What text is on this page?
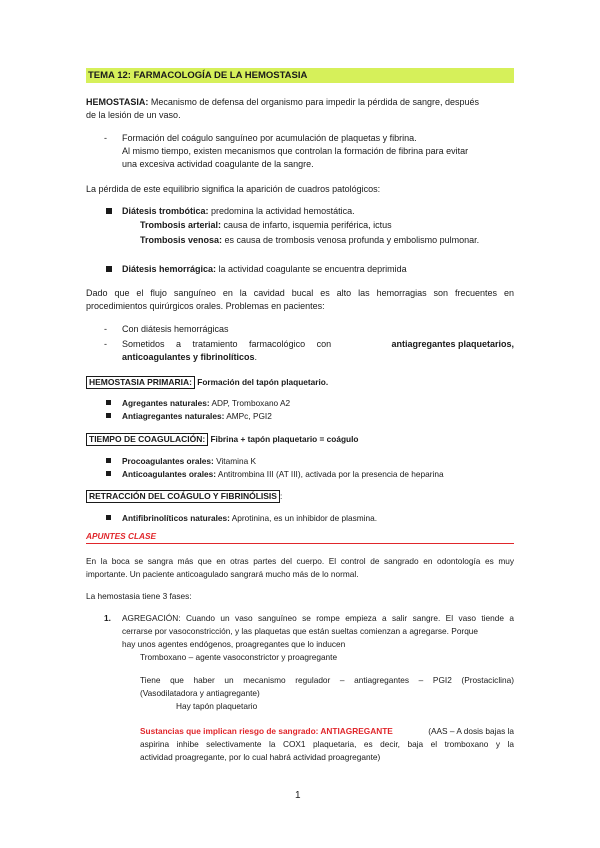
TEMA 12: FARMACOLOGÍA DE LA HEMOSTASIA
HEMOSTASIA: Mecanismo de defensa del organismo para impedir la pérdida de sangre, después
de la lesión de un vaso.
- Formación del coágulo sanguíneo por acumulación de plaquetas y fibrina.
Al mismo tiempo, existen mecanismos que controlan la formación de fibrina para evitar
una excesiva actividad coagulante de la sangre.
La pérdida de este equilibrio significa la aparición de cuadros patológicos:
Diátesis trombótica: predomina la actividad hemostática.
Trombosis arterial: causa de infarto, isquemia periférica, ictus
Trombosis venosa: es causa de trombosis venosa profunda y embolismo pulmonar.
Diátesis hemorrágica: la actividad coagulante se encuentra deprimida
Dado que el flujo sanguíneo en la cavidad bucal es alto las hemorragias son frecuentes en
procedimientos quirúrgicos orales. Problemas en pacientes:
- Con diátesis hemorrágicas
- Sometidos a tratamiento farmacológico con	antiagregantes plaquetarios,
anticoagulantes y fibrinolíticos.
HEMOSTASIA PRIMARIA: Formación del tapón plaquetario.
Agregantes naturales: ADP, Tromboxano A2
Antiagregantes naturales: AMPc, PGI2
TIEMPO DE COAGULACIÓN: Fibrina + tapón plaquetario = coágulo
Procoagulantes orales: Vitamina K
Anticoagulantes orales: Antitrombina III (AT III), activada por la presencia de heparina
RETRACCIÓN DEL COÁGULO Y FIBRINÓLISIS :
Antifibrinolíticos naturales: Aprotinina, es un inhibidor de plasmina.
APUNTES CLASE
En la boca se sangra más que en otras partes del cuerpo. El control de sangrado en odontología es muy
importante. Un paciente anticoagulado sangrará mucho más de lo normal.
La hemostasia tiene 3 fases:
1. AGREGACIÓN: Cuando un vaso sanguíneo se rompe empieza a salir sangre. El vaso tiende a
cerrarse por vasoconstricción, y las plaquetas que están sueltas comienzan a agregarse. Porque
hay unos agentes endógenos, proagregantes que lo inducen
Tromboxano – agente vasoconstrictor y proagregante
Tiene que haber un mecanismo regulador – antiagregantes – PGI2 (Prostaciclina)
(Vasodilatadora y antiagregante)
Hay tapón plaquetario
Sustancias que implican riesgo de sangrado: ANTIAGREGANTE	(AAS – A dosis bajas la
aspirina inhibe selectivamente la COX1 plaquetaria, es decir, baja el tromboxano y la
actividad proagregante, por lo cual habrá actividad proagregante)
1
